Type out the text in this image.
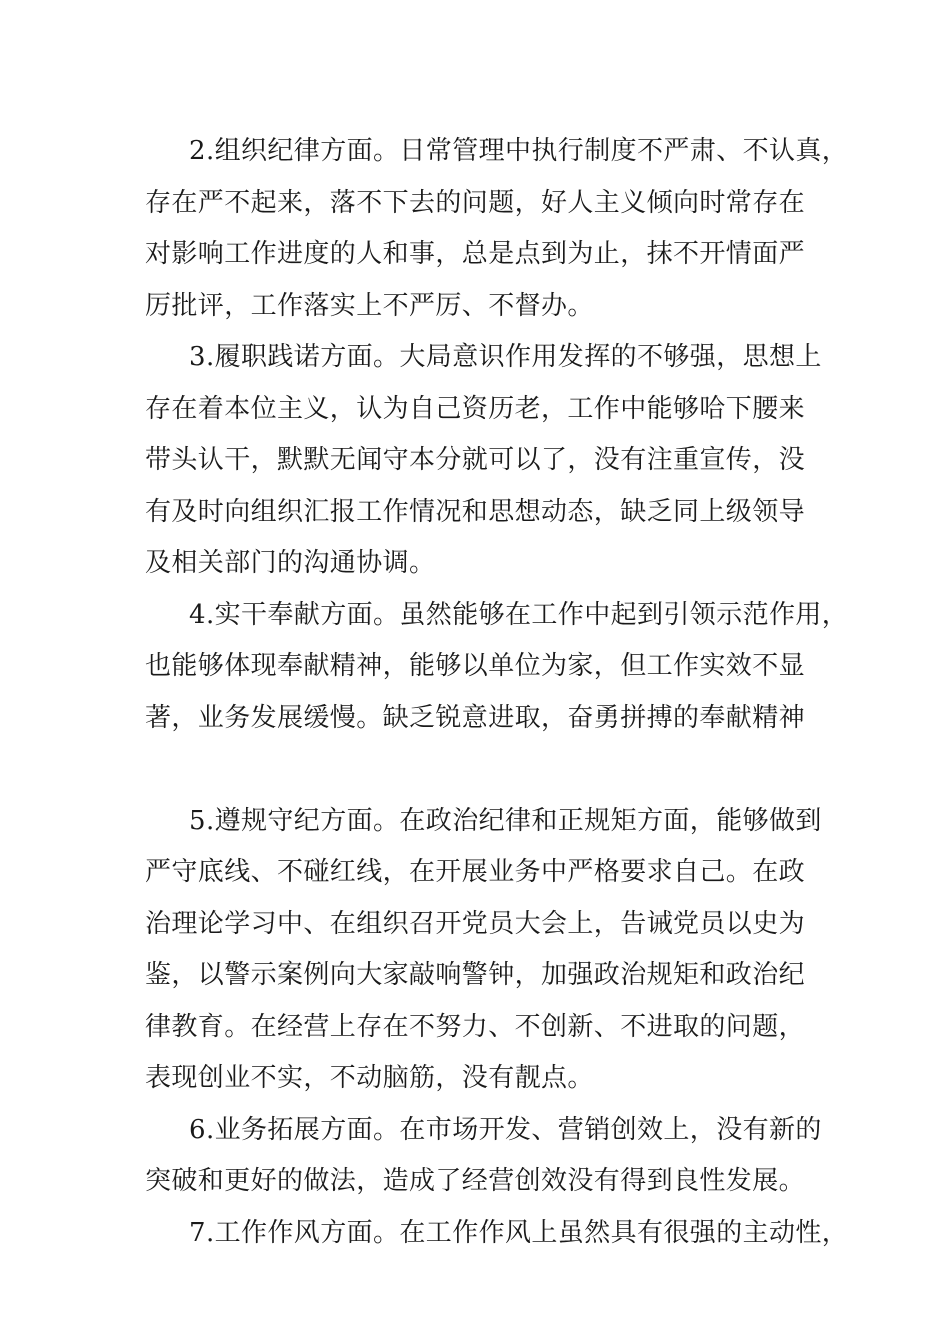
2.组织纪律方面。日常管理中执行制度不严肃、不认真，
存在严不起来，落不下去的问题，好人主义倾向时常存在
对影响工作进度的人和事，总是点到为止，抹不开情面严
厉批评，工作落实上不严厉、不督办。
3.履职践诺方面。大局意识作用发挥的不够强，思想上
存在着本位主义，认为自己资历老，工作中能够哈下腰来
带头认干，默默无闻守本分就可以了，没有注重宣传，没
有及时向组织汇报工作情况和思想动态，缺乏同上级领导
及相关部门的沟通协调。
4.实干奉献方面。虽然能够在工作中起到引领示范作用，
也能够体现奉献精神，能够以单位为家，但工作实效不显
著，业务发展缓慢。缺乏锐意进取，奋勇拼搏的奉献精神
5.遵规守纪方面。在政治纪律和正规矩方面，能够做到
严守底线、不碰红线，在开展业务中严格要求自己。在政
治理论学习中、在组织召开党员大会上，告诫党员以史为
鉴，以警示案例向大家敲响警钟，加强政治规矩和政治纪
律教育。在经营上存在不努力、不创新、不进取的问题，
表现创业不实，不动脑筋，没有靓点。
6.业务拓展方面。在市场开发、营销创效上，没有新的
突破和更好的做法，造成了经营创效没有得到良性发展。
7.工作作风方面。在工作作风上虽然具有很强的主动性，
